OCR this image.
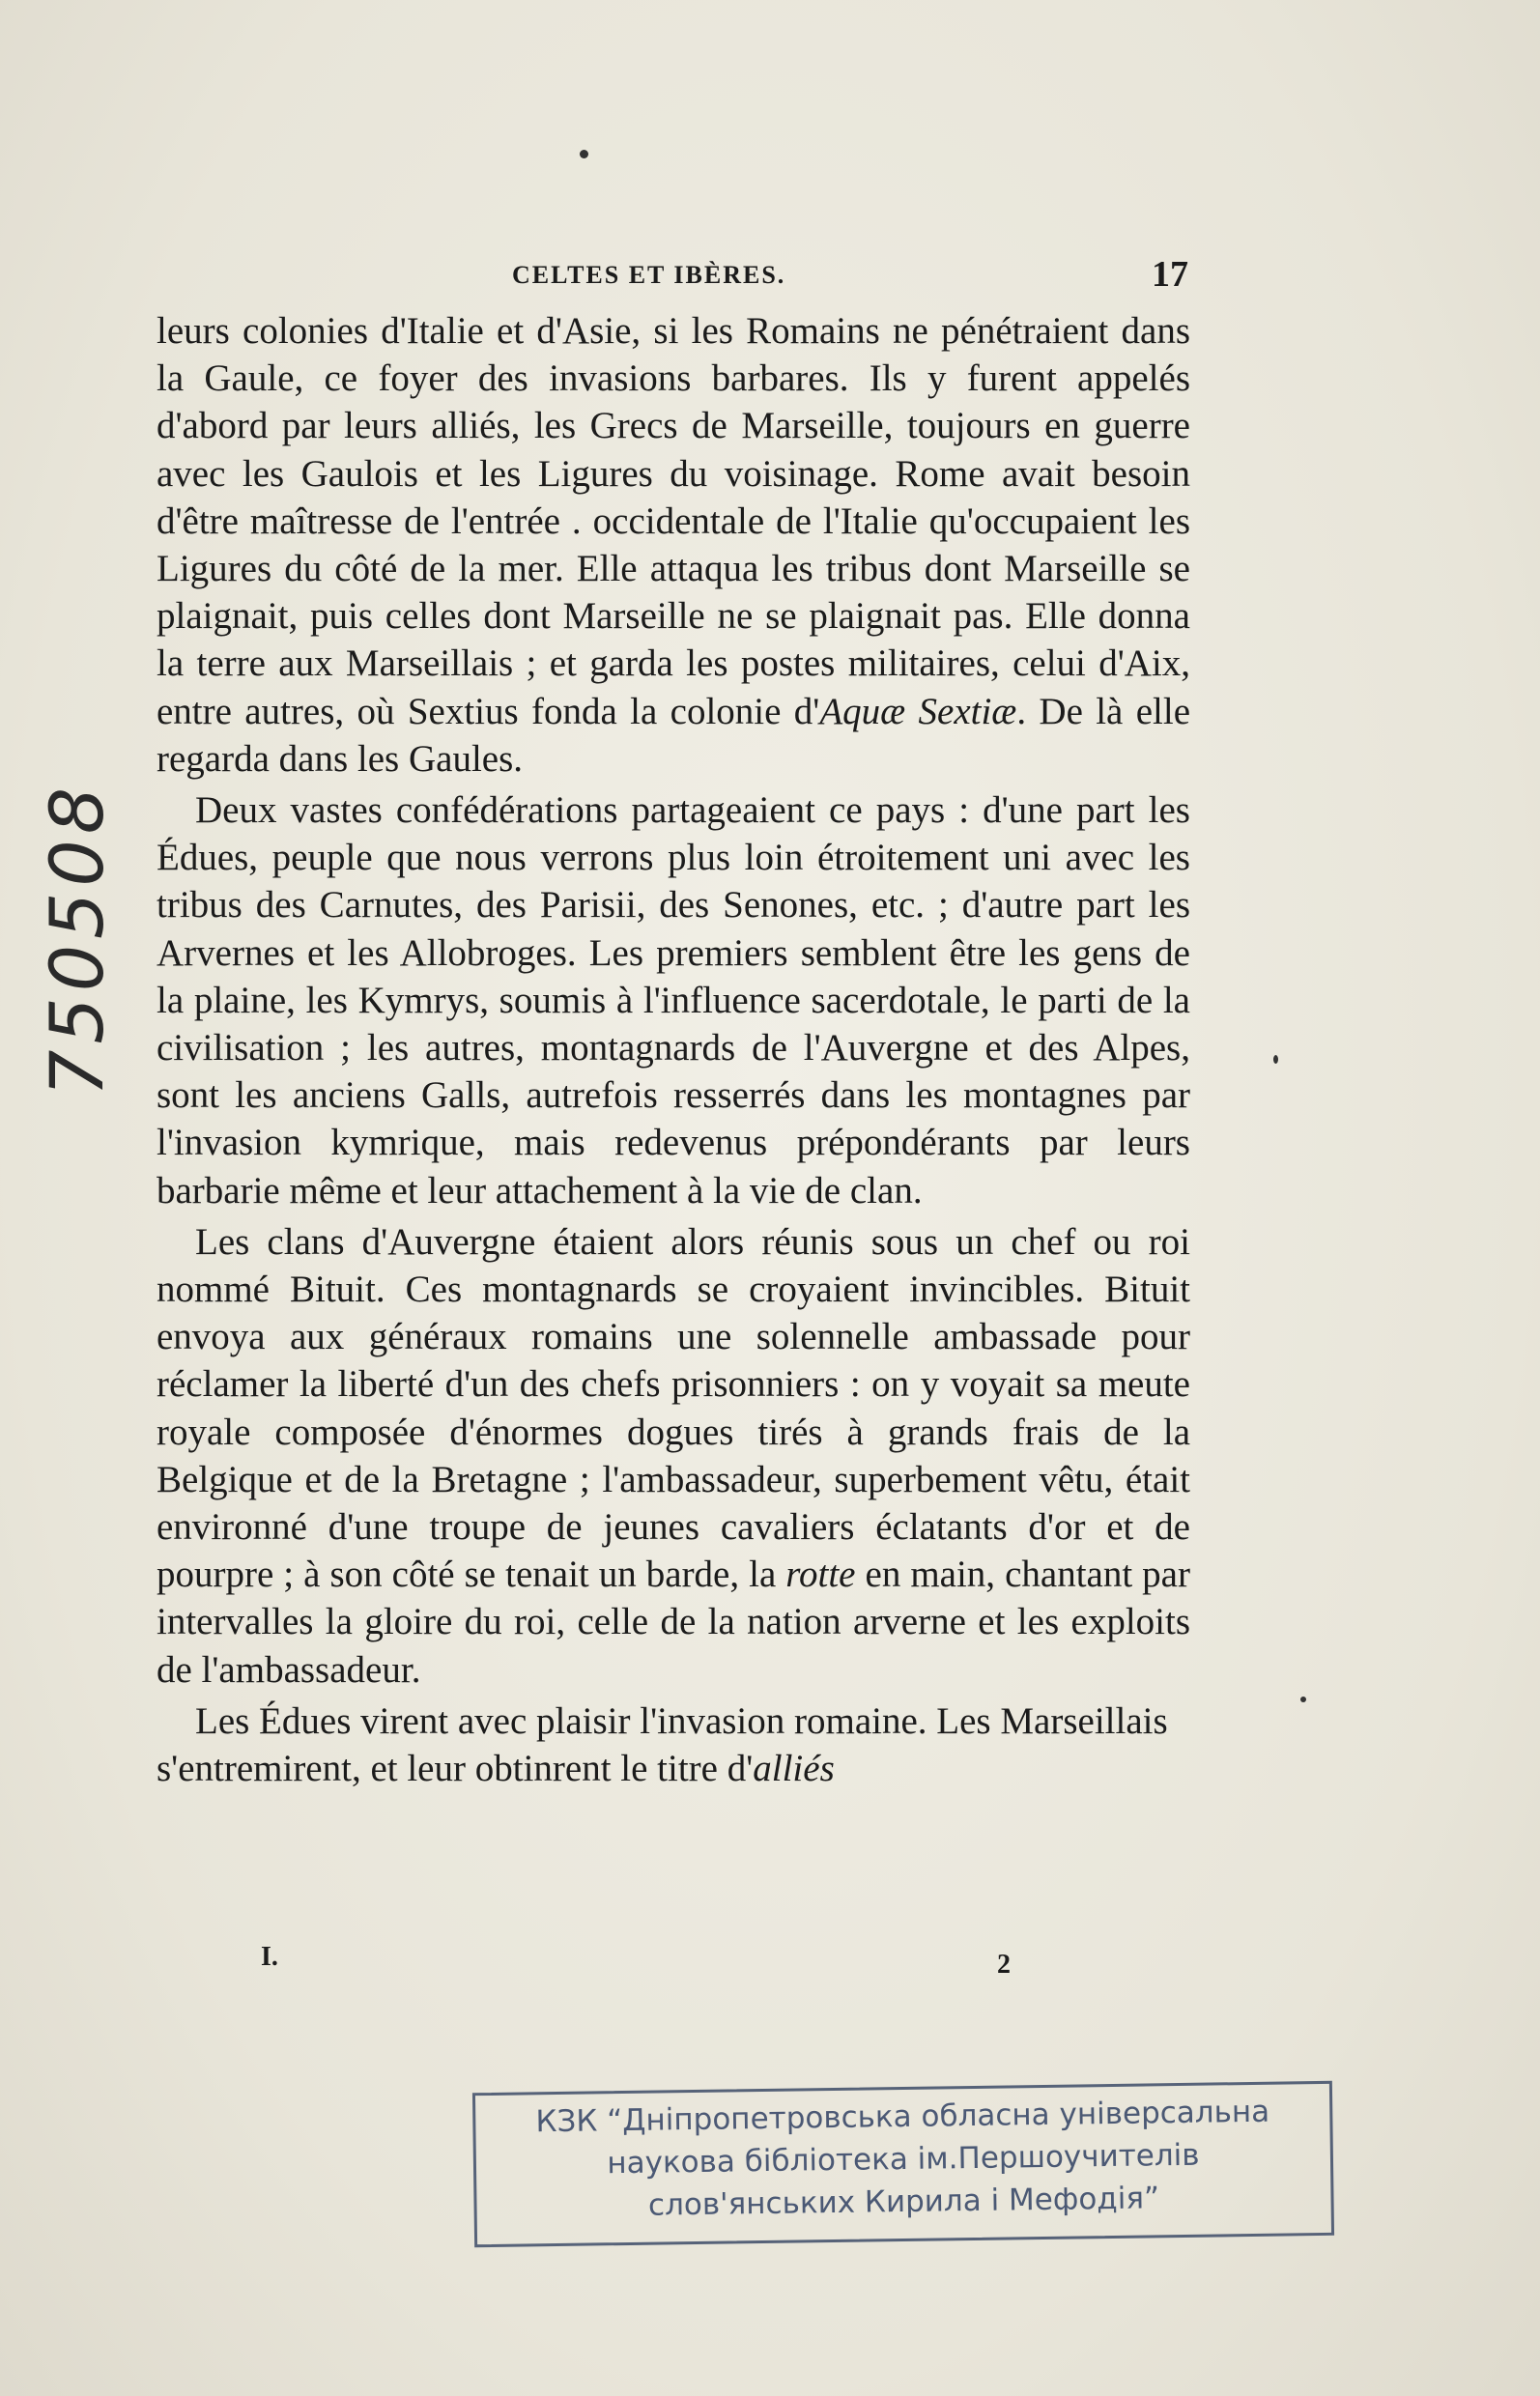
750508
CELTES ET IBÈRES.	17

leurs colonies d'Italie et d'Asie, si les Romains ne pénétraient dans la Gaule, ce foyer des invasions barbares. Ils y furent appelés d'abord par leurs alliés, les Grecs de Marseille, toujours en guerre avec les Gaulois et les Ligures du voisinage. Rome avait besoin d'être maîtresse de l'entrée . occidentale de l'Italie qu'occupaient les Ligures du côté de la mer. Elle attaqua les tribus dont Marseille se plaignait, puis celles dont Marseille ne se plaignait pas. Elle donna la terre aux Marseillais ; et garda les postes militaires, celui d'Aix, entre autres, où Sextius fonda la colonie d'Aquæ Sextiæ. De là elle regarda dans les Gaules.

Deux vastes confédérations partageaient ce pays : d'une part les Édues, peuple que nous verrons plus loin étroitement uni avec les tribus des Carnutes, des Parisii, des Senones, etc. ; d'autre part les Arvernes et les Allobroges. Les premiers semblent être les gens de la plaine, les Kymrys, soumis à l'influence sacerdotale, le parti de la civilisation ; les autres, montagnards de l'Auvergne et des Alpes, sont les anciens Galls, autrefois resserrés dans les montagnes par l'invasion kymrique, mais redevenus prépondérants par leurs barbarie même et leur attachement à la vie de clan.

Les clans d'Auvergne étaient alors réunis sous un chef ou roi nommé Bituit. Ces montagnards se croyaient invincibles. Bituit envoya aux généraux romains une solennelle ambassade pour réclamer la liberté d'un des chefs prisonniers : on y voyait sa meute royale composée d'énormes dogues tirés à grands frais de la Belgique et de la Bretagne ; l'ambassadeur, superbement vêtu, était environné d'une troupe de jeunes cavaliers éclatants d'or et de pourpre ; à son côté se tenait un barde, la rotte en main, chantant par intervalles la gloire du roi, celle de la nation arverne et les exploits de l'ambassadeur.

Les Édues virent avec plaisir l'invasion romaine. Les Marseillais s'entremirent, et leur obtinrent le titre d'alliés

I.	2
КЗК “Дніпропетровська обласна універсальна
наукова бібліотека ім.Першоучителів
слов'янських Кирила і Мефодія”
